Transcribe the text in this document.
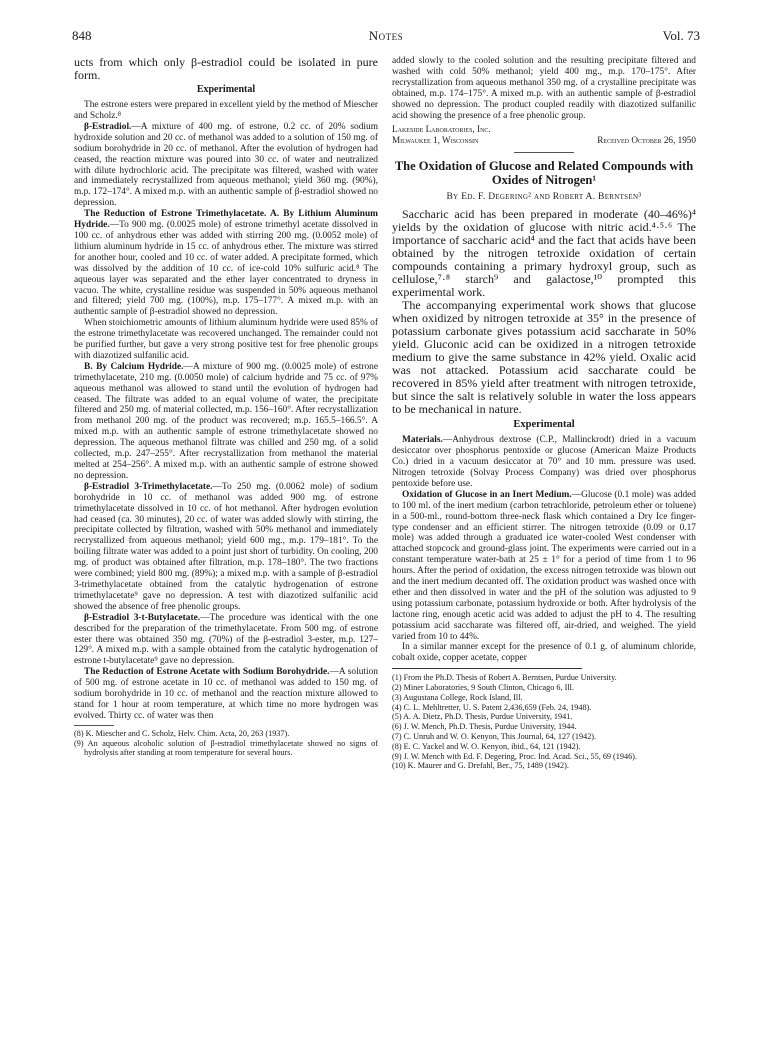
848	Notes	Vol. 73

ucts from which only β-estradiol could be isolated in pure form.

Experimental

The estrone esters were prepared in excellent yield by the method of Miescher and Scholz.⁸

β-Estradiol.—A mixture of 400 mg. of estrone, 0.2 cc. of 20% sodium hydroxide solution and 20 cc. of methanol was added to a solution of 150 mg. of sodium borohydride in 20 cc. of methanol. After the evolution of hydrogen had ceased, the reaction mixture was poured into 30 cc. of water and neutralized with dilute hydrochloric acid. The precipitate was filtered, washed with water and immediately recrystallized from aqueous methanol; yield 360 mg. (90%), m.p. 172–174°. A mixed m.p. with an authentic sample of β-estradiol showed no depression.

The Reduction of Estrone Trimethylacetate. A. By Lithium Aluminum Hydride.—To 900 mg. (0.0025 mole) of estrone trimethyl acetate dissolved in 100 cc. of anhydrous ether was added with stirring 200 mg. (0.0052 mole) of lithium aluminum hydride in 15 cc. of anhydrous ether. The mixture was stirred for another hour, cooled and 10 cc. of water added. A precipitate formed, which was dissolved by the addition of 10 cc. of ice-cold 10% sulfuric acid.⁸ The aqueous layer was separated and the ether layer concentrated to dryness in vacuo. The white, crystalline residue was suspended in 50% aqueous methanol and filtered; yield 700 mg. (100%), m.p. 175–177°. A mixed m.p. with an authentic sample of β-estradiol showed no depression.

When stoichiometric amounts of lithium aluminum hydride were used 85% of the estrone trimethylacetate was recovered unchanged. The remainder could not be purified further, but gave a very strong positive test for free phenolic groups with diazotized sulfanilic acid.

B. By Calcium Hydride.—A mixture of 900 mg. (0.0025 mole) of estrone trimethylacetate, 210 mg. (0.0050 mole) of calcium hydride and 75 cc. of 97% aqueous methanol was allowed to stand until the evolution of hydrogen had ceased. The filtrate was added to an equal volume of water, the precipitate filtered and 250 mg. of material collected, m.p. 156–160°. After recrystallization from methanol 200 mg. of the product was recovered; m.p. 165.5–166.5°. A mixed m.p. with an authentic sample of estrone trimethylacetate showed no depression. The aqueous methanol filtrate was chilled and 250 mg. of a solid collected, m.p. 247–255°. After recrystallization from methanol the material melted at 254–256°. A mixed m.p. with an authentic sample of estrone showed no depression.

β-Estradiol 3-Trimethylacetate.—To 250 mg. (0.0062 mole) of sodium borohydride in 10 cc. of methanol was added 900 mg. of estrone trimethylacetate dissolved in 10 cc. of hot methanol. After hydrogen evolution had ceased (ca. 30 minutes), 20 cc. of water was added slowly with stirring, the precipitate collected by filtration, washed with 50% methanol and immediately recrystallized from aqueous methanol; yield 600 mg., m.p. 179–181°. To the boiling filtrate water was added to a point just short of turbidity. On cooling, 200 mg. of product was obtained after filtration, m.p. 178–180°. The two fractions were combined; yield 800 mg. (89%); a mixed m.p. with a sample of β-estradiol 3-trimethylacetate obtained from the catalytic hydrogenation of estrone trimethylacetate⁹ gave no depression. A test with diazotized sulfanilic acid showed the absence of free phenolic groups.

β-Estradiol 3-t-Butylacetate.—The procedure was identical with the one described for the preparation of the trimethylacetate. From 500 mg. of estrone ester there was obtained 350 mg. (70%) of the β-estradiol 3-ester, m.p. 127–129°. A mixed m.p. with a sample obtained from the catalytic hydrogenation of estrone t-butylacetate⁹ gave no depression.

The Reduction of Estrone Acetate with Sodium Borohydride.—A solution of 500 mg. of estrone acetate in 10 cc. of methanol was added to 150 mg. of sodium borohydride in 10 cc. of methanol and the reaction mixture allowed to stand for 1 hour at room temperature, at which time no more hydrogen was evolved. Thirty cc. of water was then

(8) K. Miescher and C. Scholz, Helv. Chim. Acta, 20, 263 (1937).

(9) An aqueous alcoholic solution of β-estradiol trimethylacetate showed no signs of hydrolysis after standing at room temperature for several hours.

added slowly to the cooled solution and the resulting precipitate filtered and washed with cold 50% methanol; yield 400 mg., m.p. 170–175°. After recrystallization from aqueous methanol 350 mg. of a crystalline precipitate was obtained, m.p. 174–175°. A mixed m.p. with an authentic sample of β-estradiol showed no depression. The product coupled readily with diazotized sulfanilic acid showing the presence of a free phenolic group.

Lakeside Laboratories, Inc.
Milwaukee 1, Wisconsin	Received October 26, 1950
The Oxidation of Glucose and Related Compounds with Oxides of Nitrogen¹
By Ed. F. Degering² and Robert A. Berntsen³

Saccharic acid has been prepared in moderate (40–46%)⁴ yields by the oxidation of glucose with nitric acid.⁴·⁵·⁶ The importance of saccharic acid⁴ and the fact that acids have been obtained by the nitrogen tetroxide oxidation of certain compounds containing a primary hydroxyl group, such as cellulose,⁷·⁸ starch⁹ and galactose,¹⁰ prompted this experimental work.

The accompanying experimental work shows that glucose when oxidized by nitrogen tetroxide at 35° in the presence of potassium carbonate gives potassium acid saccharate in 50% yield. Gluconic acid can be oxidized in a nitrogen tetroxide medium to give the same substance in 42% yield. Oxalic acid was not attacked. Potassium acid saccharate could be recovered in 85% yield after treatment with nitrogen tetroxide, but since the salt is relatively soluble in water the loss appears to be mechanical in nature.

Experimental

Materials.—Anhydrous dextrose (C.P., Mallinckrodt) dried in a vacuum desiccator over phosphorus pentoxide or glucose (American Maize Products Co.) dried in a vacuum desiccator at 70° and 10 mm. pressure was used. Nitrogen tetroxide (Solvay Process Company) was dried over phosphorus pentoxide before use.

Oxidation of Glucose in an Inert Medium.—Glucose (0.1 mole) was added to 100 ml. of the inert medium (carbon tetrachloride, petroleum ether or toluene) in a 500-ml., round-bottom three-neck flask which contained a Dry Ice finger-type condenser and an efficient stirrer. The nitrogen tetroxide (0.09 or 0.17 mole) was added through a graduated ice water-cooled West condenser with attached stopcock and ground-glass joint. The experiments were carried out in a constant temperature water-bath at 25 ± 1° for a period of time from 1 to 96 hours. After the period of oxidation, the excess nitrogen tetroxide was blown out and the inert medium decanted off. The oxidation product was washed once with ether and then dissolved in water and the pH of the solution was adjusted to 9 using potassium carbonate, potassium hydroxide or both. After hydrolysis of the lactone ring, enough acetic acid was added to adjust the pH to 4. The resulting potassium acid saccharate was filtered off, air-dried, and weighed. The yield varied from 10 to 44%.

In a similar manner except for the presence of 0.1 g. of aluminum chloride, cobalt oxide, copper acetate, copper

(1) From the Ph.D. Thesis of Robert A. Berntsen, Purdue University.

(2) Miner Laboratories, 9 South Clinton, Chicago 6, Ill.

(3) Augustana College, Rock Island, Ill.

(4) C. L. Mehltretter, U. S. Patent 2,436,659 (Feb. 24, 1948).

(5) A. A. Dietz, Ph.D. Thesis, Purdue University, 1941.

(6) J. W. Mench, Ph.D. Thesis, Purdue University, 1944.

(7) C. Unruh and W. O. Kenyon, This Journal, 64, 127 (1942).

(8) E. C. Yackel and W. O. Kenyon, ibid., 64, 121 (1942).

(9) J. W. Mench with Ed. F. Degering, Proc. Ind. Acad. Sci., 55, 69 (1946).

(10) K. Maurer and G. Drefahl, Ber., 75, 1489 (1942).
